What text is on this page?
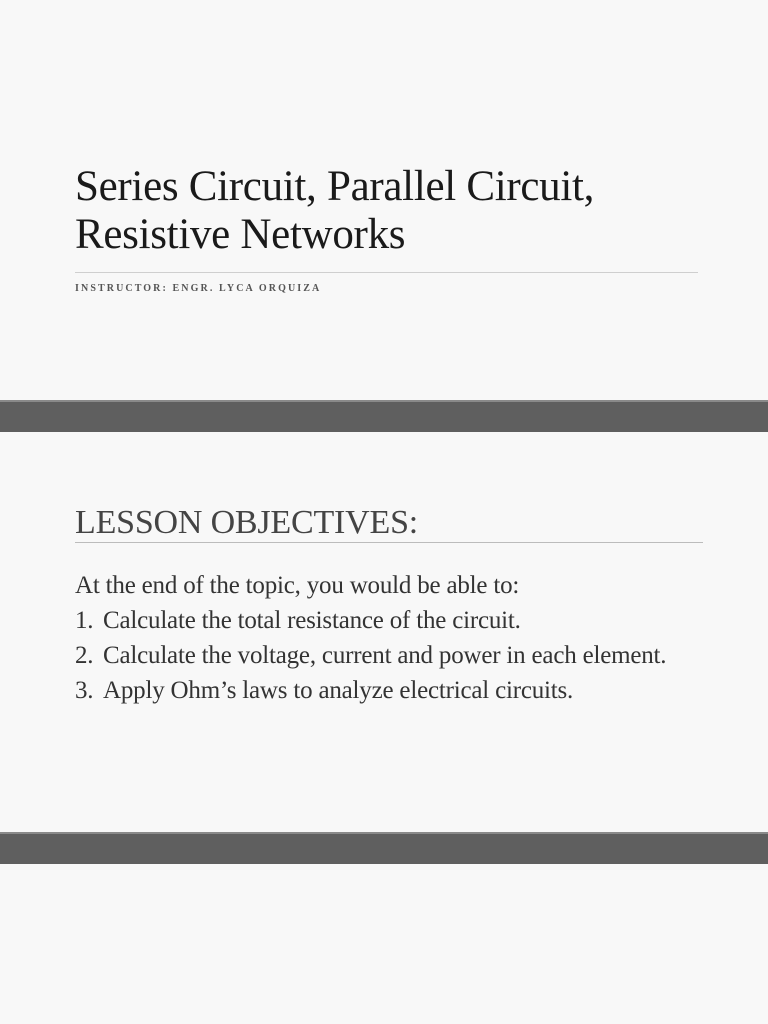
Series Circuit, Parallel Circuit,
Resistive Networks

INSTRUCTOR: ENGR. LYCA ORQUIZA

LESSON OBJECTIVES:

At the end of the topic, you would be able to:

1. Calculate the total resistance of the circuit.
2. Calculate the voltage, current and power in each element.
3. Apply Ohm’s laws to analyze electrical circuits.
